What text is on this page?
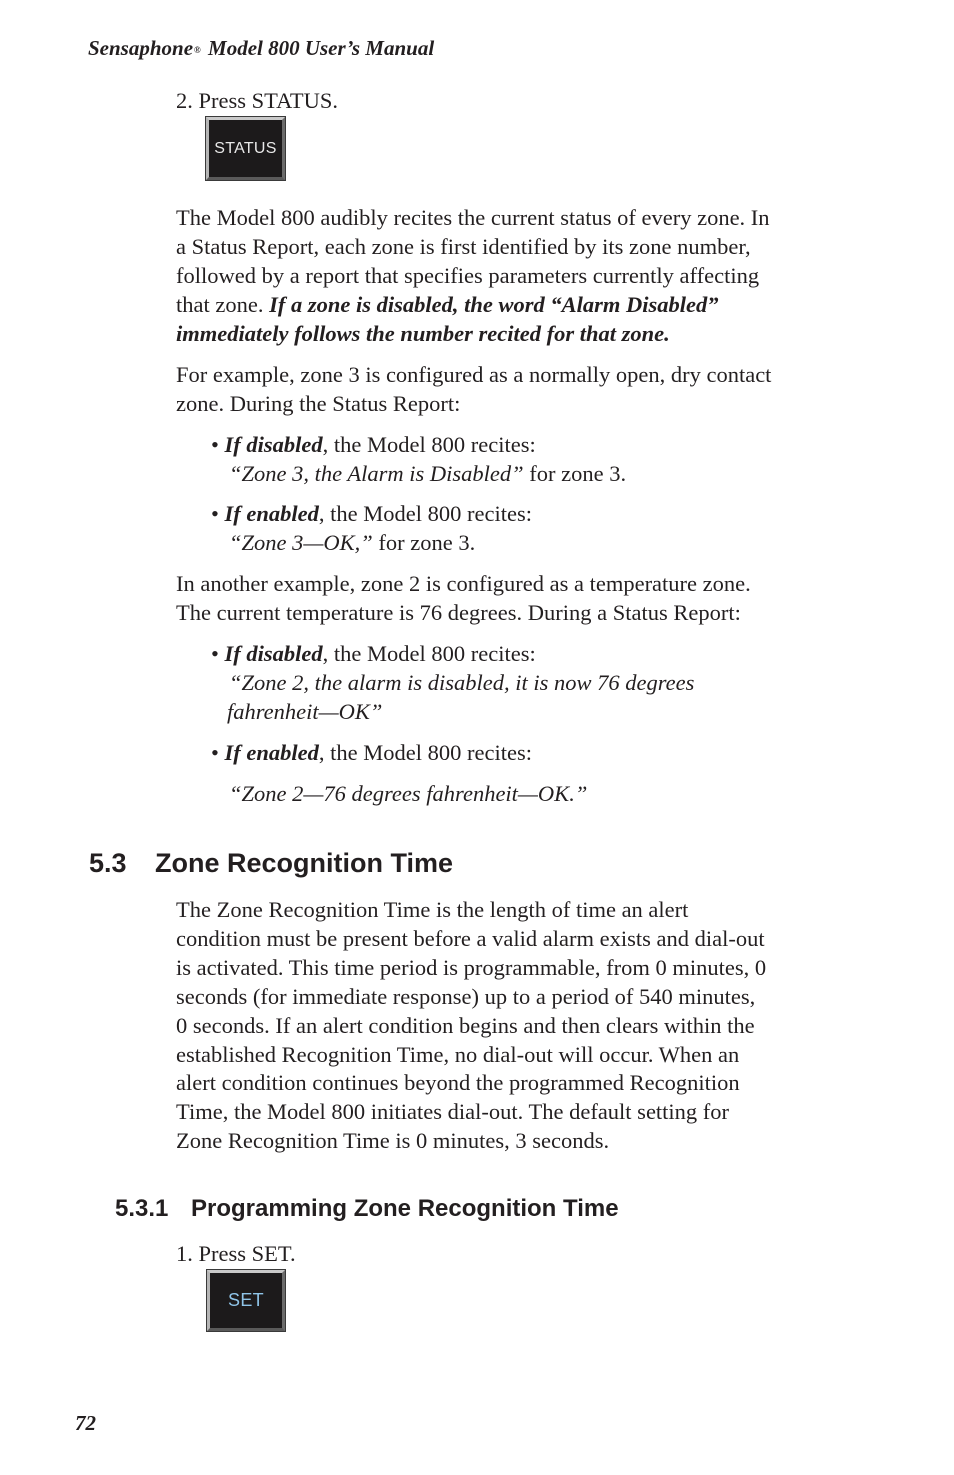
Sensaphone® Model 800 User’s Manual
2. Press STATUS.
STATUS
The Model 800 audibly recites the current status of every zone. In
a Status Report, each zone is first identified by its zone number,
followed by a report that specifies parameters currently affecting
that zone. If a zone is disabled, the word “Alarm Disabled”
immediately follows the number recited for that zone.
For example, zone 3 is configured as a normally open, dry contact
zone. During the Status Report:
• If disabled, the Model 800 recites:
“Zone 3, the Alarm is Disabled” for zone 3.
• If enabled, the Model 800 recites:
“Zone 3—OK,” for zone 3.
In another example, zone 2 is configured as a temperature zone.
The current temperature is 76 degrees. During a Status Report:
• If disabled, the Model 800 recites:
“Zone 2, the alarm is disabled, it is now 76 degrees
fahrenheit—OK”
• If enabled, the Model 800 recites:
“Zone 2—76 degrees fahrenheit—OK.”
5.3 Zone Recognition Time
The Zone Recognition Time is the length of time an alert
condition must be present before a valid alarm exists and dial-out
is activated. This time period is programmable, from 0 minutes, 0
seconds (for immediate response) up to a period of 540 minutes,
0 seconds. If an alert condition begins and then clears within the
established Recognition Time, no dial-out will occur. When an
alert condition continues beyond the programmed Recognition
Time, the Model 800 initiates dial-out. The default setting for
Zone Recognition Time is 0 minutes, 3 seconds.
5.3.1 Programming Zone Recognition Time
1. Press SET.
SET
72
